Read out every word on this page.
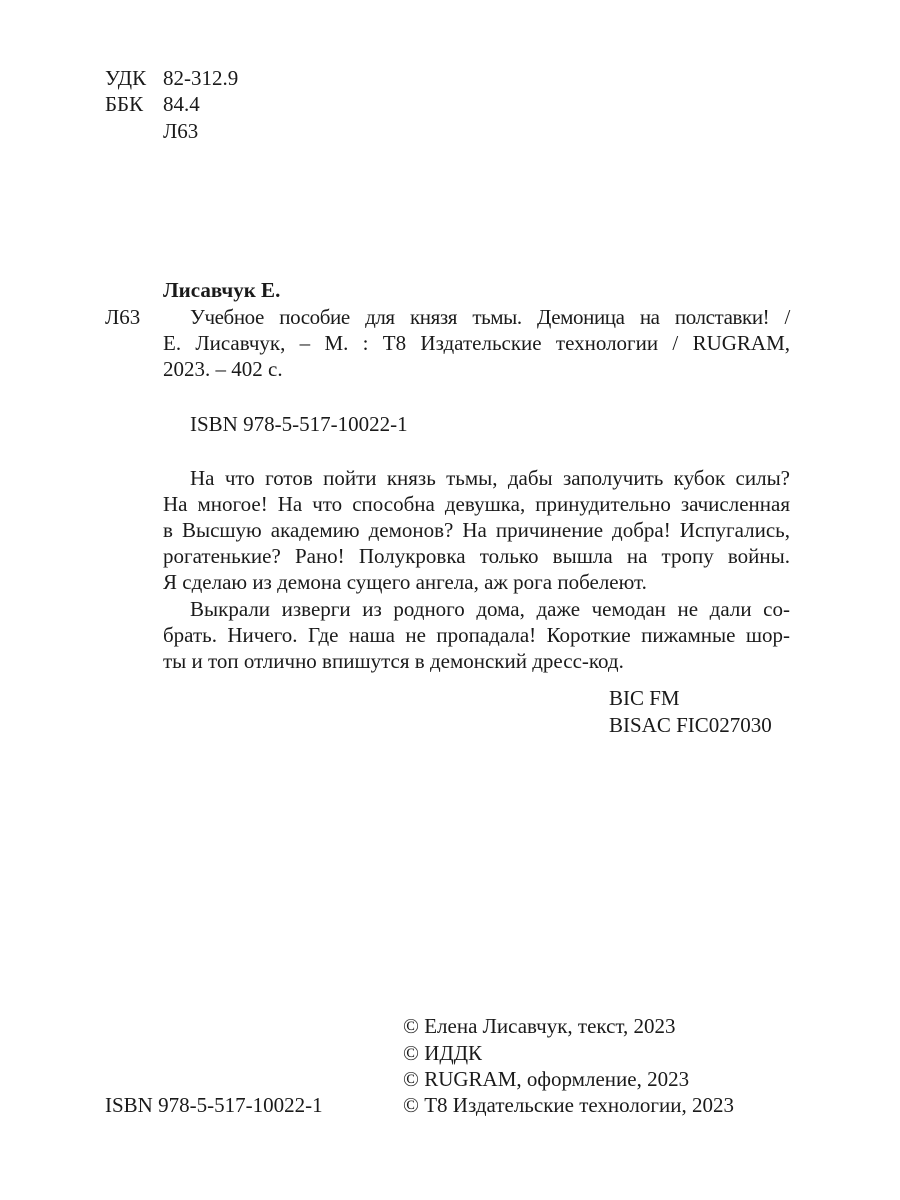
УДК 82-312.9
ББК 84.4
Л63
Лисавчук Е.
Л63 Учебное пособие для князя тьмы. Демоница на полставки! /
Е. Лисавчук, – М. : Т8 Издательские технологии / RUGRAM,
2023. – 402 с.
ISBN 978-5-517-10022-1
На что готов пойти князь тьмы, дабы заполучить кубок силы?
На многое! На что способна девушка, принудительно зачисленная
в Высшую академию демонов? На причинение добра! Испугались,
рогатенькие? Рано! Полукровка только вышла на тропу войны.
Я сделаю из демона сущего ангела, аж рога побелеют.
Выкрали изверги из родного дома, даже чемодан не дали со-
брать. Ничего. Где наша не пропадала! Короткие пижамные шор-
ты и топ отлично впишутся в демонский дресс-код.
BIC FM
BISAC FIC027030
© Елена Лисавчук, текст, 2023
© ИДДК
© RUGRAM, оформление, 2023
© Т8 Издательские технологии, 2023
ISBN 978-5-517-10022-1
